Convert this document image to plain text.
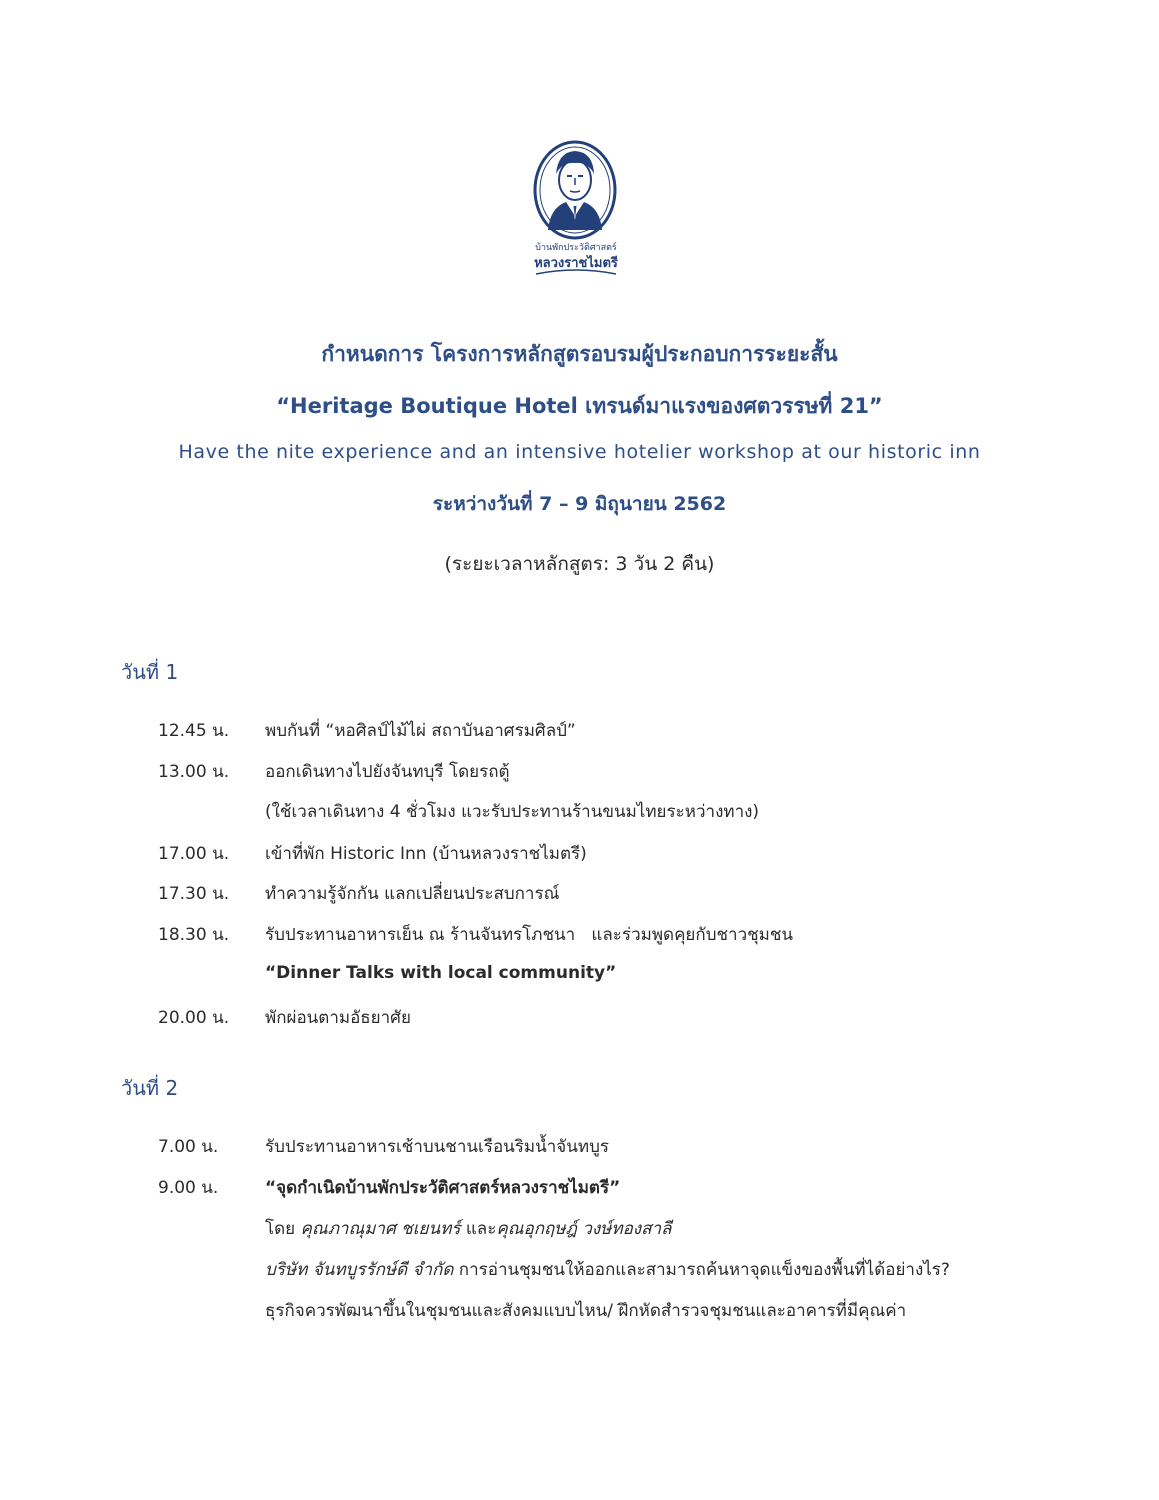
บ้านพักประวัติศาสตร์
หลวงราชไมตรี
กำหนดการ โครงการหลักสูตรอบรมผู้ประกอบการระยะสั้น
“Heritage Boutique Hotel เทรนด์มาแรงของศตวรรษที่ 21”
Have the nite experience and an intensive hotelier workshop at our historic inn
ระหว่างวันที่ 7 – 9 มิถุนายน 2562
(ระยะเวลาหลักสูตร: 3 วัน 2 คืน)
วันที่ 1
12.45 น. พบกันที่ “หอศิลป์ไม้ไผ่ สถาบันอาศรมศิลป์”
13.00 น. ออกเดินทางไปยังจันทบุรี โดยรถตู้
(ใช้เวลาเดินทาง 4 ชั่วโมง แวะรับประทานร้านขนมไทยระหว่างทาง)
17.00 น. เข้าที่พัก Historic Inn (บ้านหลวงราชไมตรี)
17.30 น. ทำความรู้จักกัน แลกเปลี่ยนประสบการณ์
18.30 น. รับประทานอาหารเย็น ณ ร้านจันทรโภชนา   และร่วมพูดคุยกับชาวชุมชน
“Dinner Talks with local community”
20.00 น. พักผ่อนตามอัธยาศัย
วันที่ 2
7.00 น.	รับประทานอาหารเช้าบนชานเรือนริมน้ำจันทบูร
9.00 น.	“จุดกำเนิดบ้านพักประวัติศาสตร์หลวงราชไมตรี”
โดย คุณภาณุมาศ ชเยนทร์ และคุณอุกฤษฎ์ วงษ์ทองสาลี
บริษัท จันทบูรรักษ์ดี จำกัด การอ่านชุมชนให้ออกและสามารถค้นหาจุดแข็งของพื้นที่ได้อย่างไร?
ธุรกิจควรพัฒนาขึ้นในชุมชนและสังคมแบบไหน/ ฝึกหัดสำรวจชุมชนและอาคารที่มีคุณค่า
